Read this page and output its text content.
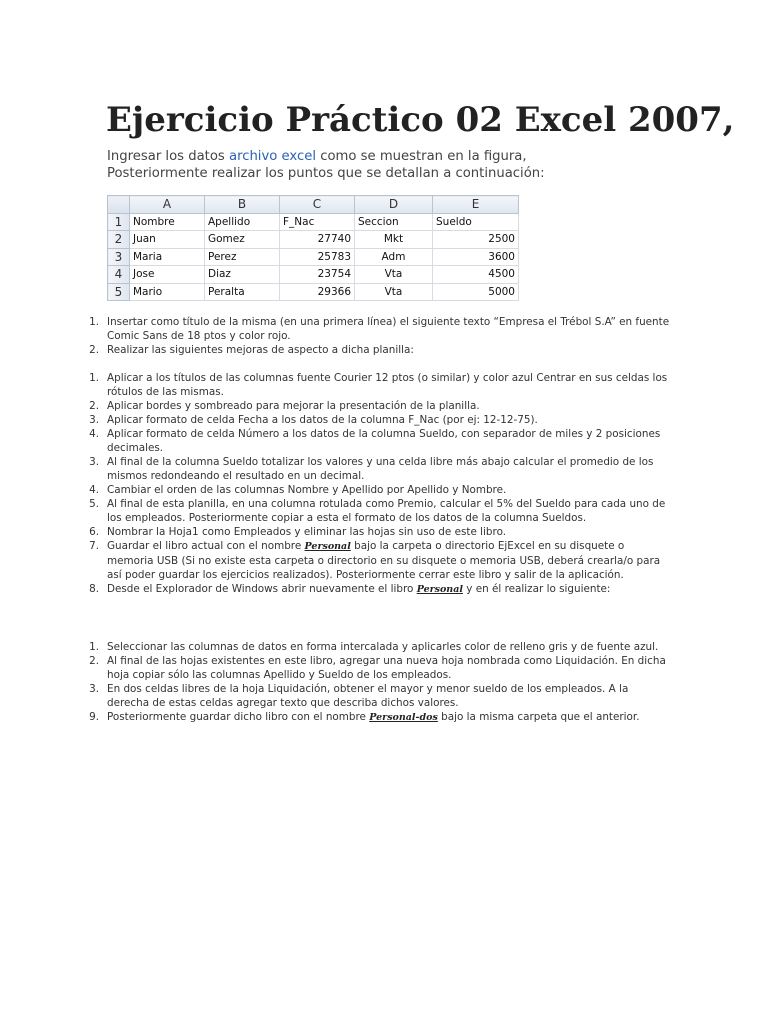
Ejercicio Práctico 02 Excel 2007,

Ingresar los datos archivo excel como se muestran en la figura,

Posteriormente realizar los puntos que se detallan a continuación:

	A	B	C	D	E
1	Nombre	Apellido	F_Nac	Seccion	Sueldo
2	Juan	Gomez	27740	Mkt	2500
3	Maria	Perez	25783	Adm	3600
4	Jose	Diaz	23754	Vta	4500
5	Mario	Peralta	29366	Vta	5000
1. Insertar como título de la misma (en una primera línea) el siguiente texto “Empresa el Trébol S.A” en fuente Comic Sans de 18 ptos y color rojo.
2. Realizar las siguientes mejoras de aspecto a dicha planilla:
1. Aplicar a los títulos de las columnas fuente Courier 12 ptos (o similar) y color azul Centrar en sus celdas los rótulos de las mismas.
2. Aplicar bordes y sombreado para mejorar la presentación de la planilla.
3. Aplicar formato de celda Fecha a los datos de la columna F_Nac (por ej: 12-12-75).
4. Aplicar formato de celda Número a los datos de la columna Sueldo, con separador de miles y 2 posiciones decimales.
3. Al final de la columna Sueldo totalizar los valores y una celda libre más abajo calcular el promedio de los mismos redondeando el resultado en un decimal.
4. Cambiar el orden de las columnas Nombre y Apellido por Apellido y Nombre.
5. Al final de esta planilla, en una columna rotulada como Premio, calcular el 5% del Sueldo para cada uno de los empleados. Posteriormente copiar a esta el formato de los datos de la columna Sueldos.
6. Nombrar la Hoja1 como Empleados y eliminar las hojas sin uso de este libro.
7. Guardar el libro actual con el nombre Personal bajo la carpeta o directorio EjExcel en su disquete o memoria USB (Si no existe esta carpeta o directorio en su disquete o memoria USB, deberá crearla/o para así poder guardar los ejercicios realizados). Posteriormente cerrar este libro y salir de la aplicación.
8. Desde el Explorador de Windows abrir nuevamente el libro Personal y en él realizar lo siguiente:
1. Seleccionar las columnas de datos en forma intercalada y aplicarles color de relleno gris y de fuente azul.
2. Al final de las hojas existentes en este libro, agregar una nueva hoja nombrada como Liquidación. En dicha hoja copiar sólo las columnas Apellido y Sueldo de los empleados.
3. En dos celdas libres de la hoja Liquidación, obtener el mayor y menor sueldo de los empleados. A la derecha de estas celdas agregar texto que describa dichos valores.
9. Posteriormente guardar dicho libro con el nombre Personal-dos bajo la misma carpeta que el anterior.
